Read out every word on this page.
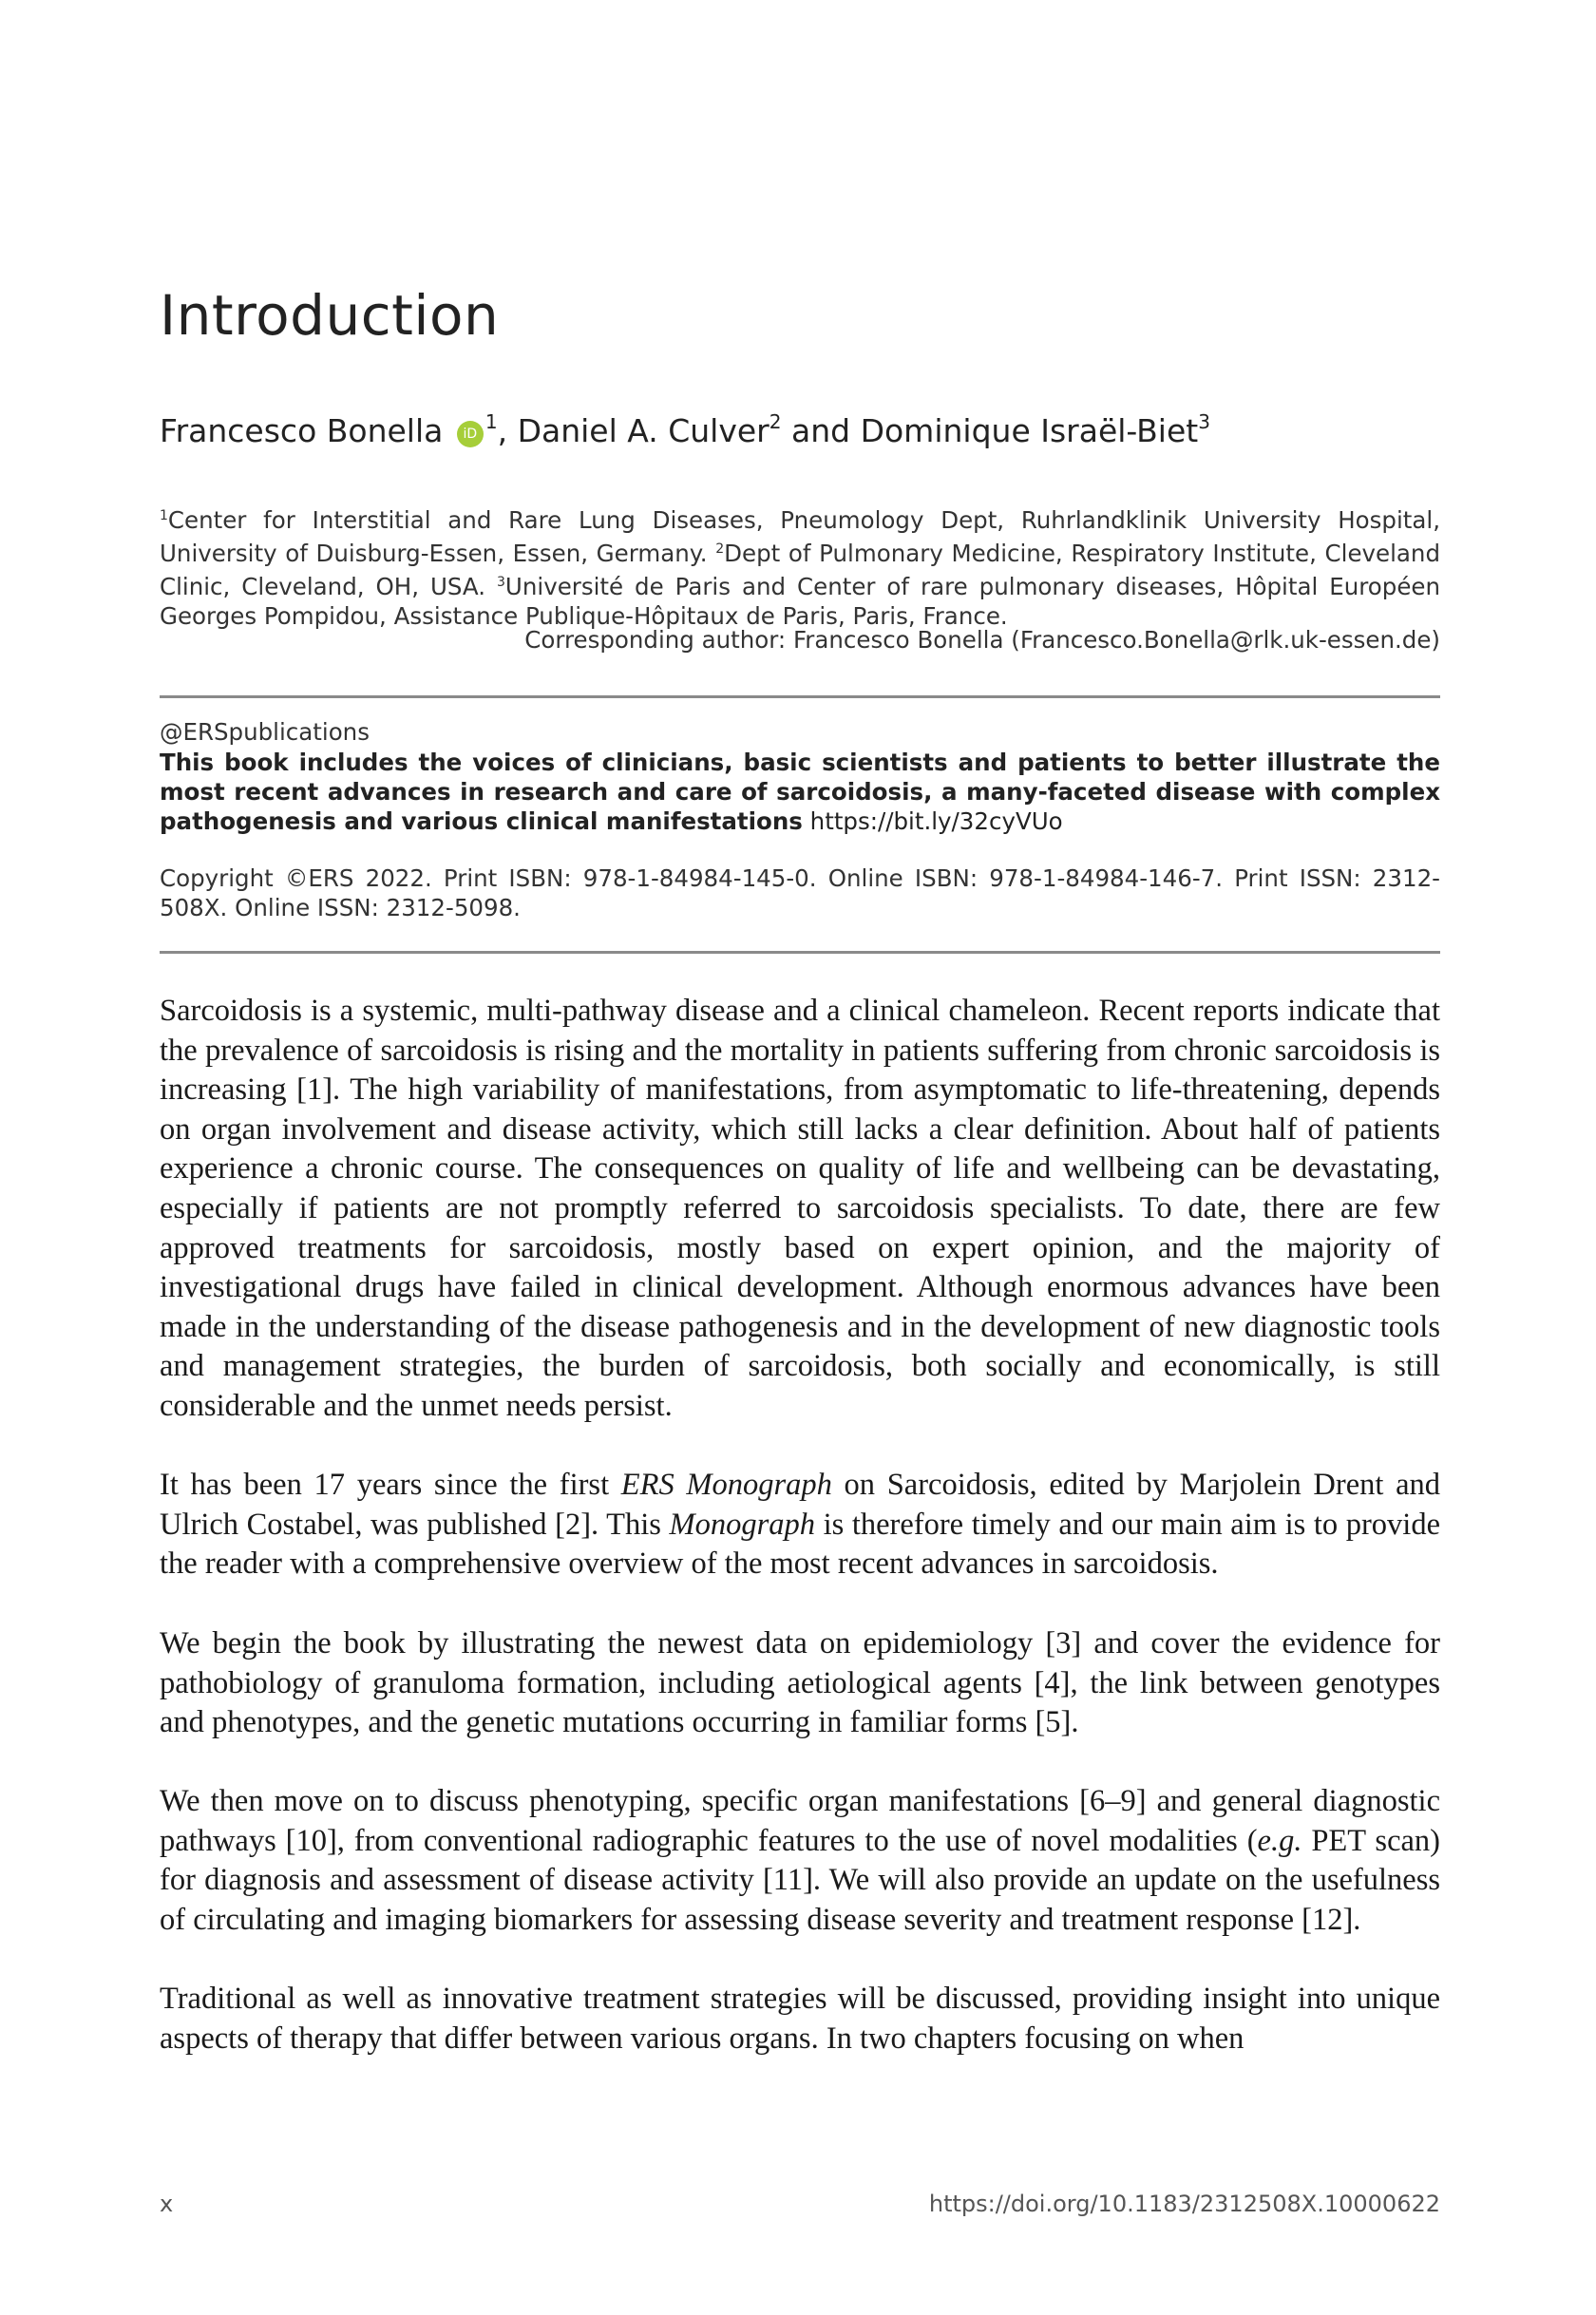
Introduction
Francesco Bonella $iD^1$, Daniel A. Culver$^2$ and Dominique Israël-Biet$^3$
$^1$Center for Interstitial and Rare Lung Diseases, Pneumology Dept, Ruhrlandklinik University Hospital, University of Duisburg-Essen, Essen, Germany. $^2$Dept of Pulmonary Medicine, Respiratory Institute, Cleveland Clinic, Cleveland, OH, USA. $^3$Université de Paris and Center of rare pulmonary diseases, Hôpital Européen Georges Pompidou, Assistance Publique-Hôpitaux de Paris, Paris, France.
Corresponding author: Francesco Bonella (Francesco.Bonella@rlk.uk-essen.de)
@ERSpublications
This book includes the voices of clinicians, basic scientists and patients to better illustrate the most recent advances in research and care of sarcoidosis, a many-faceted disease with complex pathogenesis and various clinical manifestations https://bit.ly/32cyVUo
Copyright ©ERS 2022. Print ISBN: 978-1-84984-145-0. Online ISBN: 978-1-84984-146-7. Print ISSN: 2312-508X. Online ISSN: 2312-5098.

Sarcoidosis is a systemic, multi-pathway disease and a clinical chameleon. Recent reports indicate that the prevalence of sarcoidosis is rising and the mortality in patients suffering from chronic sarcoidosis is increasing [1]. The high variability of manifestations, from asymptomatic to life-threatening, depends on organ involvement and disease activity, which still lacks a clear definition. About half of patients experience a chronic course. The consequences on quality of life and wellbeing can be devastating, especially if patients are not promptly referred to sarcoidosis specialists. To date, there are few approved treatments for sarcoidosis, mostly based on expert opinion, and the majority of investigational drugs have failed in clinical development. Although enormous advances have been made in the understanding of the disease pathogenesis and in the development of new diagnostic tools and management strategies, the burden of sarcoidosis, both socially and economically, is still considerable and the unmet needs persist.

It has been 17 years since the first ERS Monograph on Sarcoidosis, edited by Marjolein Drent and Ulrich Costabel, was published [2]. This Monograph is therefore timely and our main aim is to provide the reader with a comprehensive overview of the most recent advances in sarcoidosis.

We begin the book by illustrating the newest data on epidemiology [3] and cover the evidence for pathobiology of granuloma formation, including aetiological agents [4], the link between genotypes and phenotypes, and the genetic mutations occurring in familiar forms [5].

We then move on to discuss phenotyping, specific organ manifestations [6–9] and general diagnostic pathways [10], from conventional radiographic features to the use of novel modalities (e.g. PET scan) for diagnosis and assessment of disease activity [11]. We will also provide an update on the usefulness of circulating and imaging biomarkers for assessing disease severity and treatment response [12].

Traditional as well as innovative treatment strategies will be discussed, providing insight into unique aspects of therapy that differ between various organs. In two chapters focusing on when

x	https://doi.org/10.1183/2312508X.10000622
